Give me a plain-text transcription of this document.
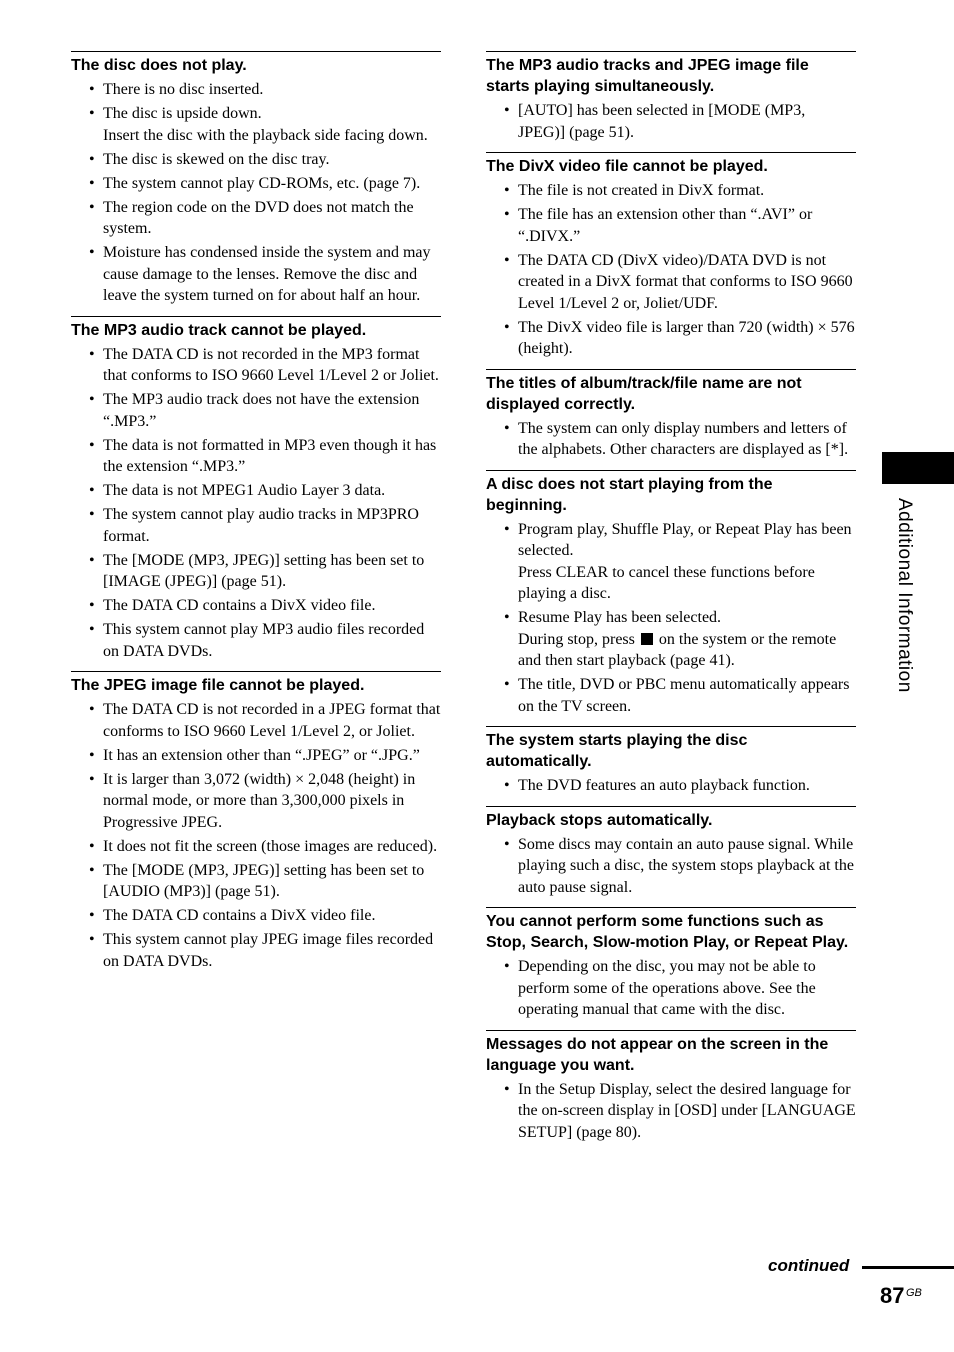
The disc does not play.
• There is no disc inserted.
• The disc is upside down.
Insert the disc with the playback side facing down.
• The disc is skewed on the disc tray.
• The system cannot play CD-ROMs, etc. (page 7).
• The region code on the DVD does not match the system.
• Moisture has condensed inside the system and may cause damage to the lenses. Remove the disc and leave the system turned on for about half an hour.
The MP3 audio track cannot be played.
• The DATA CD is not recorded in the MP3 format that conforms to ISO 9660 Level 1/Level 2 or Joliet.
• The MP3 audio track does not have the extension “.MP3.”
• The data is not formatted in MP3 even though it has the extension “.MP3.”
• The data is not MPEG1 Audio Layer 3 data.
• The system cannot play audio tracks in MP3PRO format.
• The [MODE (MP3, JPEG)] setting has been set to [IMAGE (JPEG)] (page 51).
• The DATA CD contains a DivX video file.
• This system cannot play MP3 audio files recorded on DATA DVDs.
The JPEG image file cannot be played.
• The DATA CD is not recorded in a JPEG format that conforms to ISO 9660 Level 1/Level 2, or Joliet.
• It has an extension other than “.JPEG” or “.JPG.”
• It is larger than 3,072 (width) × 2,048 (height) in normal mode, or more than 3,300,000 pixels in Progressive JPEG.
• It does not fit the screen (those images are reduced).
• The [MODE (MP3, JPEG)] setting has been set to [AUDIO (MP3)] (page 51).
• The DATA CD contains a DivX video file.
• This system cannot play JPEG image files recorded on DATA DVDs.
The MP3 audio tracks and JPEG image file starts playing simultaneously.
• [AUTO] has been selected in [MODE (MP3, JPEG)] (page 51).
The DivX video file cannot be played.
• The file is not created in DivX format.
• The file has an extension other than “.AVI” or “.DIVX.”
• The DATA CD (DivX video)/DATA DVD is not created in a DivX format that conforms to ISO 9660 Level 1/Level 2 or, Joliet/UDF.
• The DivX video file is larger than 720 (width) × 576 (height).
The titles of album/track/file name are not displayed correctly.
• The system can only display numbers and letters of the alphabets. Other characters are displayed as [*].
A disc does not start playing from the beginning.
• Program play, Shuffle Play, or Repeat Play has been selected.
Press CLEAR to cancel these functions before playing a disc.
• Resume Play has been selected.
During stop, press on the system or the remote and then start playback (page 41).
• The title, DVD or PBC menu automatically appears on the TV screen.
The system starts playing the disc automatically.
• The DVD features an auto playback function.
Playback stops automatically.
• Some discs may contain an auto pause signal. While playing such a disc, the system stops playback at the auto pause signal.
You cannot perform some functions such as Stop, Search, Slow-motion Play, or Repeat Play.
• Depending on the disc, you may not be able to perform some of the operations above. See the operating manual that came with the disc.
Messages do not appear on the screen in the language you want.
• In the Setup Display, select the desired language for the on-screen display in [OSD] under [LANGUAGE SETUP] (page 80).
Additional Information
continued
87 GB
